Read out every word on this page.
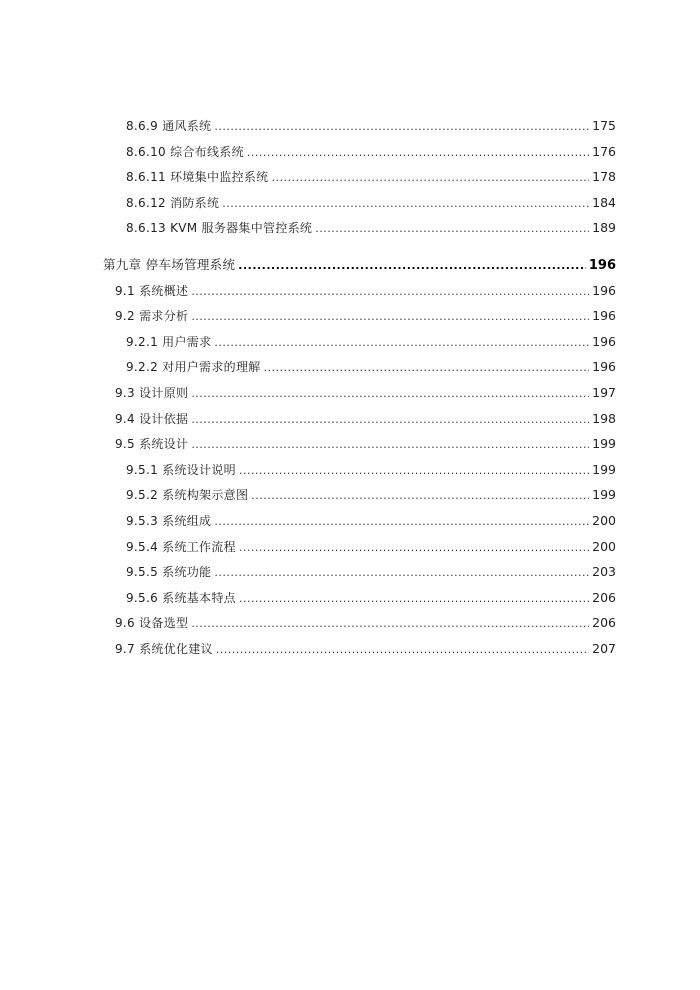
8.6.9 通风系统 .....	175
8.6.10 综合布线系统 .....	176
8.6.11 环境集中监控系统 .....	178
8.6.12 消防系统 .....	184
8.6.13 KVM 服务器集中管控系统 .....	189
第九章 停车场管理系统 .....	196
9.1 系统概述 .....	196
9.2 需求分析 .....	196
9.2.1 用户需求 .....	196
9.2.2 对用户需求的理解 .....	196
9.3 设计原则 .....	197
9.4 设计依据 .....	198
9.5 系统设计 .....	199
9.5.1 系统设计说明 .....	199
9.5.2 系统构架示意图 .....	199
9.5.3 系统组成 .....	200
9.5.4 系统工作流程 .....	200
9.5.5 系统功能 .....	203
9.5.6 系统基本特点 .....	206
9.6 设备选型 .....	206
9.7 系统优化建议 .....	207
